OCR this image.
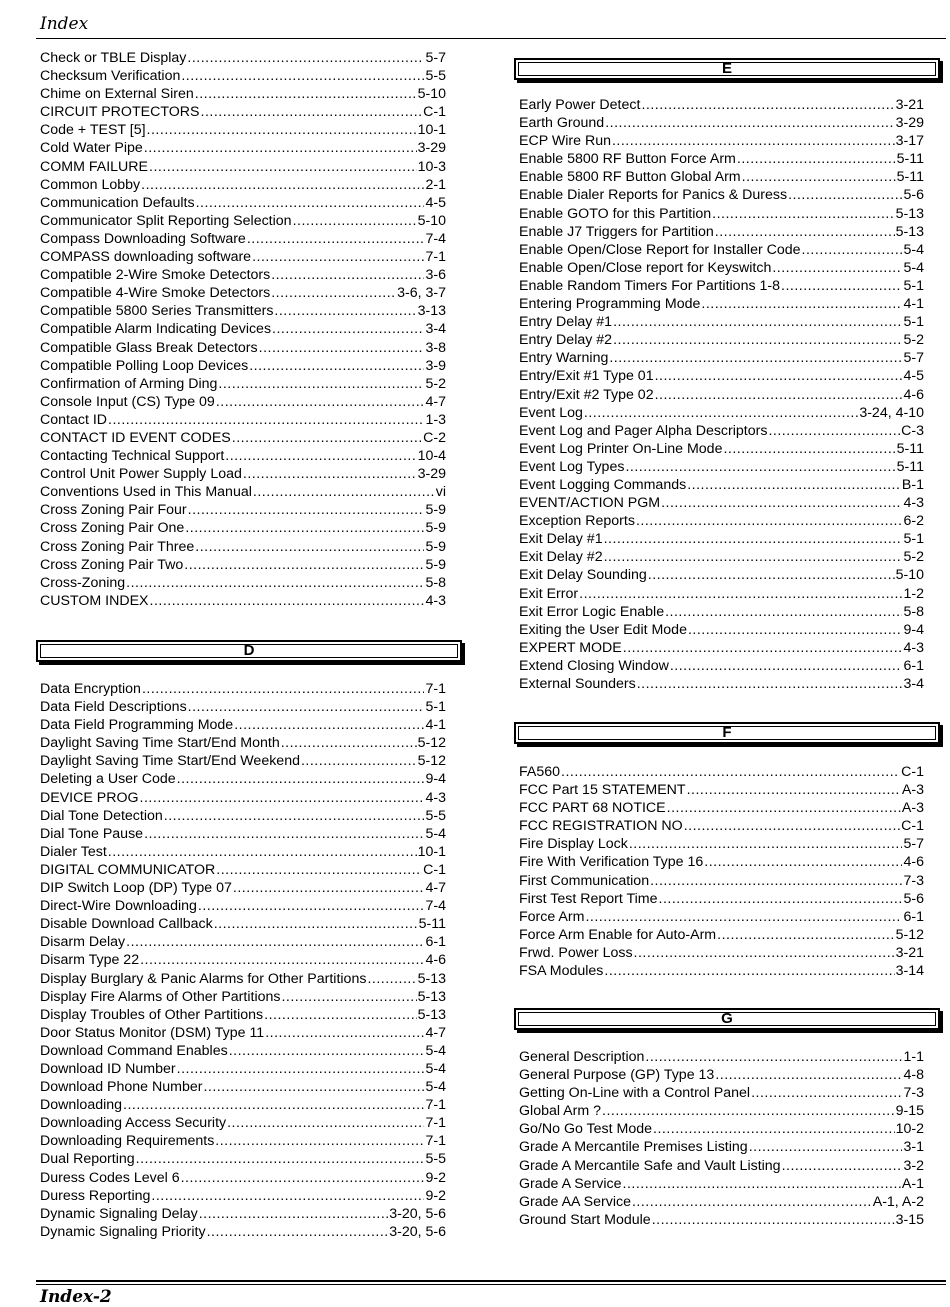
Index
Check or TBLE Display .....	5-7
Checksum Verification .....	5-5
Chime on External Siren .....	5-10
CIRCUIT PROTECTORS .....	C-1
Code + TEST [5] .....	10-1
Cold Water Pipe .....	3-29
COMM FAILURE .....	10-3
Common Lobby .....	2-1
Communication Defaults .....	4-5
Communicator Split Reporting Selection .....	5-10
Compass Downloading Software .....	7-4
COMPASS downloading software .....	7-1
Compatible 2-Wire Smoke Detectors .....	3-6
Compatible 4-Wire Smoke Detectors .....	3-6, 3-7
Compatible 5800 Series Transmitters .....	3-13
Compatible Alarm Indicating Devices .....	3-4
Compatible Glass Break Detectors .....	3-8
Compatible Polling Loop Devices .....	3-9
Confirmation of Arming Ding .....	5-2
Console Input (CS) Type 09 .....	4-7
Contact ID .....	1-3
CONTACT ID EVENT CODES .....	C-2
Contacting Technical Support .....	10-4
Control Unit Power Supply Load .....	3-29
Conventions Used in This Manual .....	vi
Cross Zoning Pair Four .....	5-9
Cross Zoning Pair One .....	5-9
Cross Zoning Pair Three .....	5-9
Cross Zoning Pair Two .....	5-9
Cross-Zoning .....	5-8
CUSTOM INDEX .....	4-3
D
Data Encryption .....	7-1
Data Field Descriptions .....	5-1
Data Field Programming Mode .....	4-1
Daylight Saving Time Start/End Month .....	5-12
Daylight Saving Time Start/End Weekend .....	5-12
Deleting a User Code .....	9-4
DEVICE PROG .....	4-3
Dial Tone Detection .....	5-5
Dial Tone Pause .....	5-4
Dialer Test .....	10-1
DIGITAL COMMUNICATOR .....	C-1
DIP Switch Loop (DP) Type 07 .....	4-7
Direct-Wire Downloading .....	7-4
Disable Download Callback .....	5-11
Disarm Delay .....	6-1
Disarm Type 22 .....	4-6
Display Burglary & Panic Alarms for Other Partitions .....	5-13
Display Fire Alarms of Other Partitions .....	5-13
Display Troubles of Other Partitions .....	5-13
Door Status Monitor (DSM) Type 11 .....	4-7
Download Command Enables .....	5-4
Download ID Number .....	5-4
Download Phone Number .....	5-4
Downloading .....	7-1
Downloading Access Security .....	7-1
Downloading Requirements .....	7-1
Dual Reporting .....	5-5
Duress Codes Level 6 .....	9-2
Duress Reporting .....	9-2
Dynamic Signaling Delay .....	3-20, 5-6
Dynamic Signaling Priority .....	3-20, 5-6
E
Early Power Detect .....	3-21
Earth Ground .....	3-29
ECP Wire Run .....	3-17
Enable 5800 RF Button Force Arm .....	5-11
Enable 5800 RF Button Global Arm .....	5-11
Enable Dialer Reports for Panics & Duress .....	5-6
Enable GOTO for this Partition .....	5-13
Enable J7 Triggers for Partition .....	5-13
Enable Open/Close Report for Installer Code .....	5-4
Enable Open/Close report for Keyswitch .....	5-4
Enable Random Timers For Partitions 1-8 .....	5-1
Entering Programming Mode .....	4-1
Entry Delay #1 .....	5-1
Entry Delay #2 .....	5-2
Entry Warning .....	5-7
Entry/Exit #1 Type 01 .....	4-5
Entry/Exit #2 Type 02 .....	4-6
Event Log .....	3-24, 4-10
Event Log and Pager Alpha Descriptors .....	C-3
Event Log Printer On-Line Mode .....	5-11
Event Log Types .....	5-11
Event Logging Commands .....	B-1
EVENT/ACTION PGM .....	4-3
Exception Reports .....	6-2
Exit Delay #1 .....	5-1
Exit Delay #2 .....	5-2
Exit Delay Sounding .....	5-10
Exit Error .....	1-2
Exit Error Logic Enable .....	5-8
Exiting the User Edit Mode .....	9-4
EXPERT MODE .....	4-3
Extend Closing Window .....	6-1
External Sounders .....	3-4
F
FA560 .....	C-1
FCC Part 15 STATEMENT .....	A-3
FCC PART 68 NOTICE .....	A-3
FCC REGISTRATION NO .....	C-1
Fire Display Lock .....	5-7
Fire With Verification Type 16 .....	4-6
First Communication .....	7-3
First Test Report Time .....	5-6
Force Arm .....	6-1
Force Arm Enable for Auto-Arm .....	5-12
Frwd. Power Loss .....	3-21
FSA Modules .....	3-14
G
General Description .....	1-1
General Purpose (GP) Type 13 .....	4-8
Getting On-Line with a Control Panel .....	7-3
Global Arm ? .....	9-15
Go/No Go Test Mode .....	10-2
Grade A Mercantile Premises Listing .....	3-1
Grade A Mercantile Safe and Vault Listing .....	3-2
Grade A Service .....	A-1
Grade AA Service .....	A-1, A-2
Ground Start Module .....	3-15
Index-2
